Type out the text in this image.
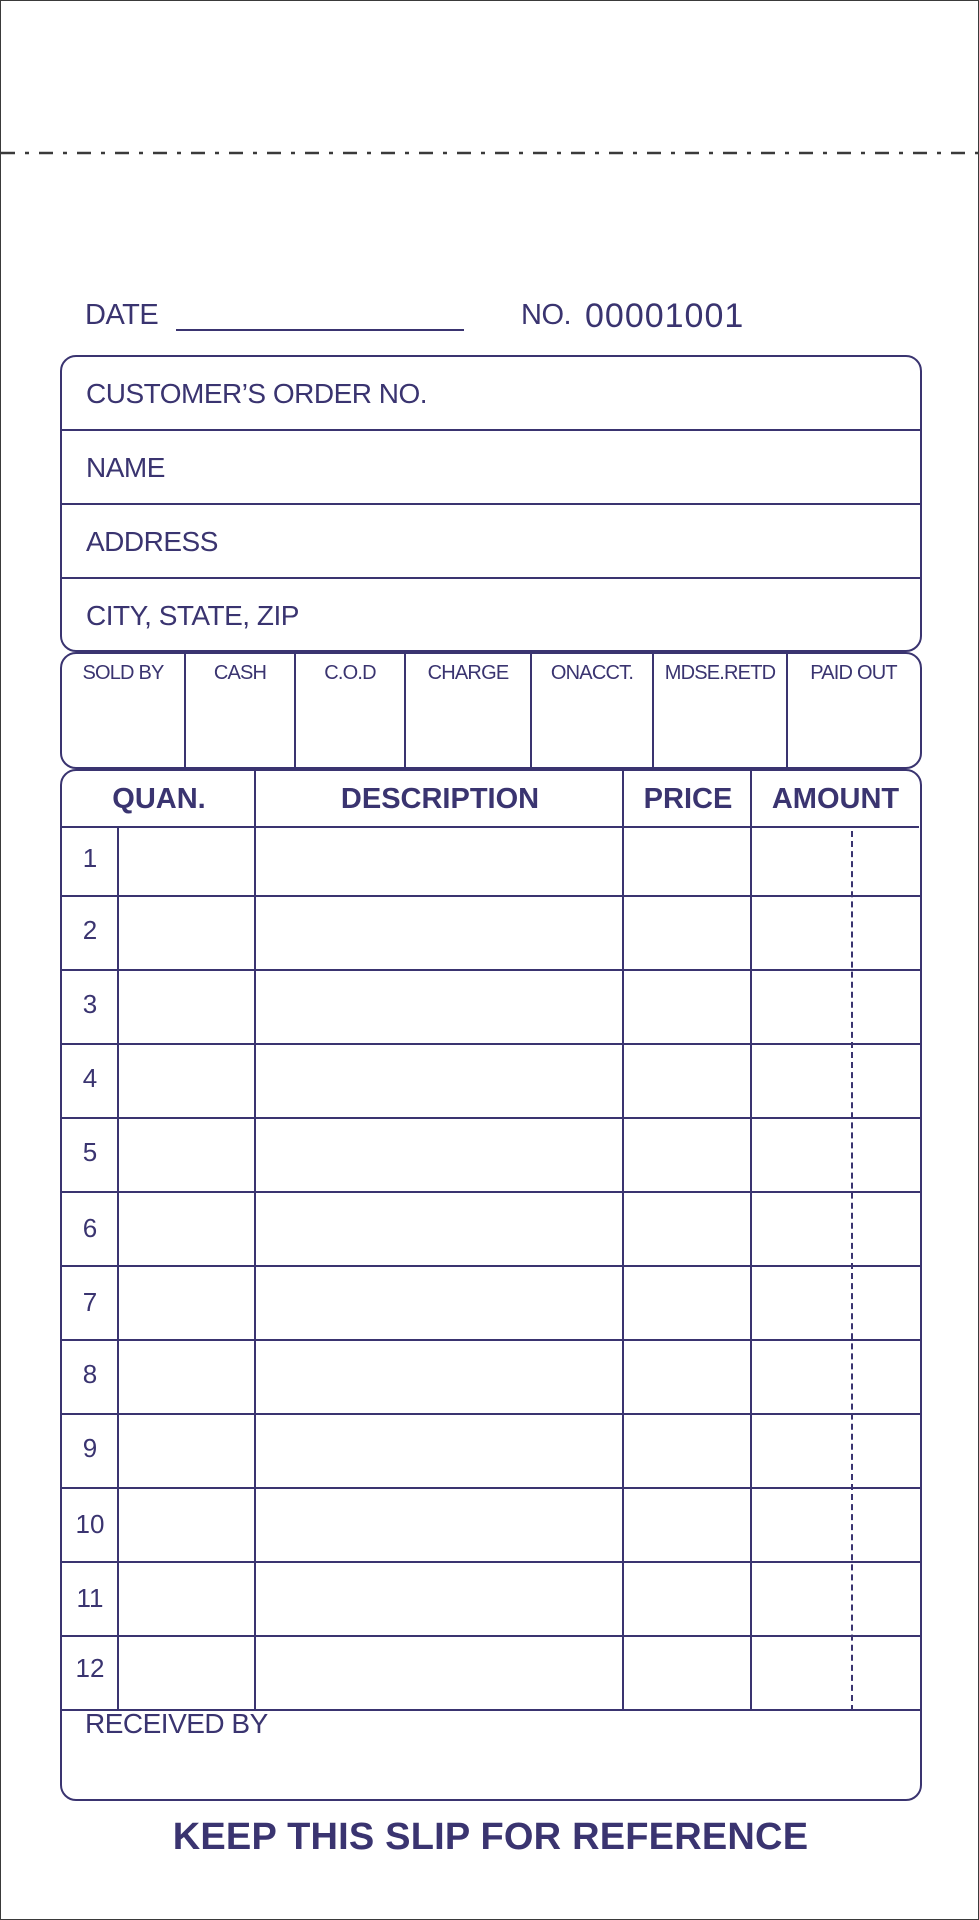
DATE	NO. 00001001
CUSTOMER’S ORDER NO.
NAME
ADDRESS
CITY, STATE, ZIP
SOLD BY	CASH	C.O.D	CHARGE	ONACCT.	MDSE.RETD	PAID OUT
QUAN.	DESCRIPTION	PRICE	AMOUNT
1
2
3
4
5
6
7
8
9
10
11
12
RECEIVED BY
KEEP THIS SLIP FOR REFERENCE
